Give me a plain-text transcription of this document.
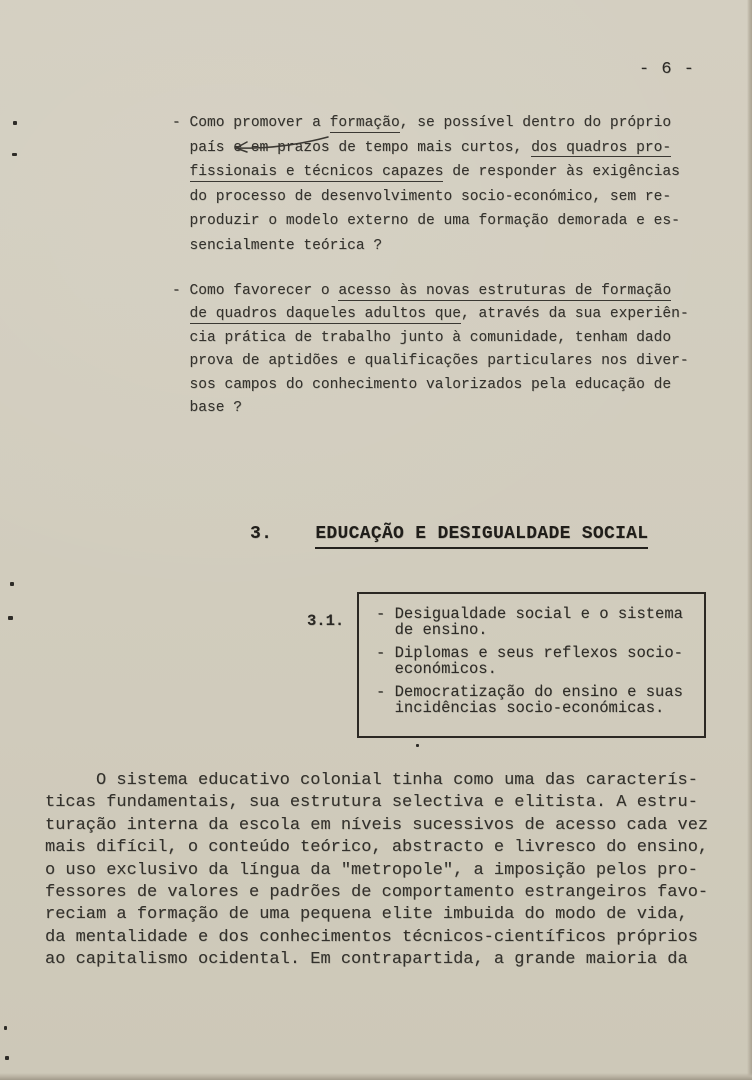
- 6 -
- Como promover a formação, se possível dentro do próprio
país e em prazos de tempo mais curtos, dos quadros pro-
fissionais e técnicos capazes de responder às exigências
do processo de desenvolvimento socio-económico, sem re-
produzir o modelo externo de uma formação demorada e es-
sencialmente teórica ?
- Como favorecer o acesso às novas estruturas de formação
de quadros daqueles adultos que, através da sua experiên-
cia prática de trabalho junto à comunidade, tenham dado
prova de aptidões e qualificações particulares nos diver-
sos campos do conhecimento valorizados pela educação de
base ?
3. EDUCAÇÃO E DESIGUALDADE SOCIAL
3.1. - Desigualdade social e o sistema
de ensino.
- Diplomas e seus reflexos socio-
económicos.
- Democratização do ensino e suas
incidências socio-económicas.
O sistema educativo colonial tinha como uma das caracterís-
ticas fundamentais, sua estrutura selectiva e elitista. A estru-
turação interna da escola em níveis sucessivos de acesso cada vez
mais difícil, o conteúdo teórico, abstracto e livresco do ensino,
o uso exclusivo da língua da "metropole", a imposição pelos pro-
fessores de valores e padrões de comportamento estrangeiros favo-
reciam a formação de uma pequena elite imbuida do modo de vida,
da mentalidade e dos conhecimentos técnicos-científicos próprios
ao capitalismo ocidental. Em contrapartida, a grande maioria da
